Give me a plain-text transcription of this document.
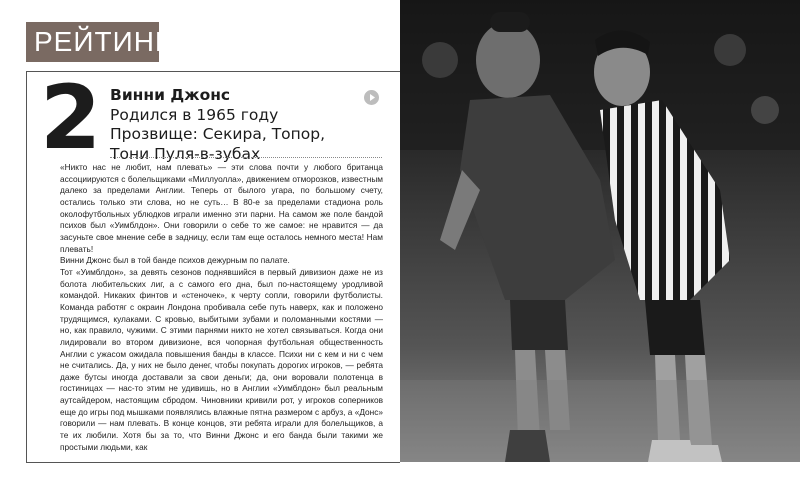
РЕЙТИНГ
2 Винни Джонс
Родился в 1965 году
Прозвище: Секира, Топор,
Тони Пуля-в-зубах
«Никто нас не любит, нам плевать» — эти слова почти у любого британца ассоциируются с болельщиками «Миллуолла», движением отморозков, известным далеко за пределами Англии. Теперь от былого угара, по большому счету, остались только эти слова, но не суть… В 80-е за пределами стадиона роль околофутбольных ублюдков играли именно эти парни. На самом же поле бандой психов был «Уимблдон». Они говорили о себе то же самое: не нравится — да засуньте свое мнение себе в задницу, если там еще осталось немного места! Нам плевать!
Винни Джонс был в той банде психов дежурным по палате.
Тот «Уимблдон», за девять сезонов поднявшийся в первый дивизион даже не из болота любительских лиг, а с самого его дна, был по-настоящему уродливой командой. Никаких финтов и «стеночек», к черту сопли, говорили футболисты. Команда работяг с окраин Лондона пробивала себе путь наверх, как и положено трудящимся, кулаками. С кровью, выбитыми зубами и поломанными костями — но, как правило, чужими. С этими парнями никто не хотел связываться. Когда они лидировали во втором дивизионе, вся чопорная футбольная общественность Англии с ужасом ожидала повышения банды в классе. Психи ни с кем и ни с чем не считались. Да, у них не было денег, чтобы покупать дорогих игроков, — ребята даже бутсы иногда доставали за свои деньги; да, они воровали полотенца в гостиницах — нас-то этим не удивишь, но в Англии «Уимблдон» был реальным аутсайдером, настоящим сбродом. Чиновники кривили рот, у игроков соперников еще до игры под мышками появлялись влажные пятна размером с арбуз, а «Донс» говорили — нам плевать. В конце концов, эти ребята играли для болельщиков, а те их любили. Хотя бы за то, что Винни Джонс и его банда были такими же простыми людьми, как
